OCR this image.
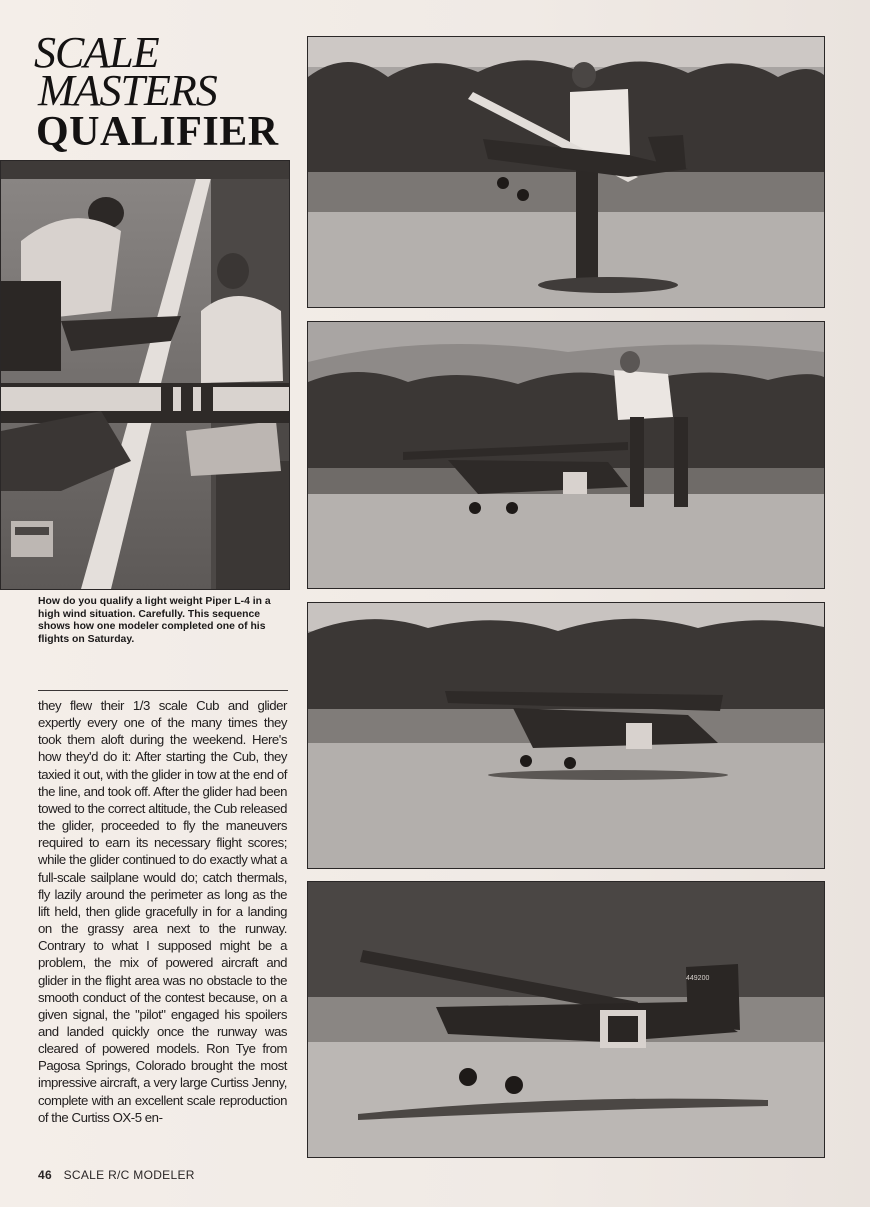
SCALE
MASTERS
QUALIFIER
How do you qualify a light weight Piper L-4 in a high wind situation. Carefully. This sequence shows how one modeler completed one of his flights on Saturday.
they flew their 1/3 scale Cub and glider expertly every one of the many times they took them aloft during the weekend. Here's how they'd do it: After starting the Cub, they taxied it out, with the glider in tow at the end of the line, and took off. After the glider had been towed to the correct altitude, the Cub released the glider, proceeded to fly the maneuvers required to earn its necessary flight scores; while the glider continued to do exactly what a full-scale sailplane would do; catch thermals, fly lazily around the perimeter as long as the lift held, then glide gracefully in for a landing on the grassy area next to the runway. Contrary to what I supposed might be a problem, the mix of powered aircraft and glider in the flight area was no obstacle to the smooth conduct of the contest because, on a given signal, the "pilot" engaged his spoilers and landed quickly once the runway was cleared of powered models. Ron Tye from Pagosa Springs, Colorado brought the most impressive aircraft, a very large Curtiss Jenny, complete with an excellent scale reproduction of the Curtiss OX-5 en-
449200
46 SCALE R/C MODELER
